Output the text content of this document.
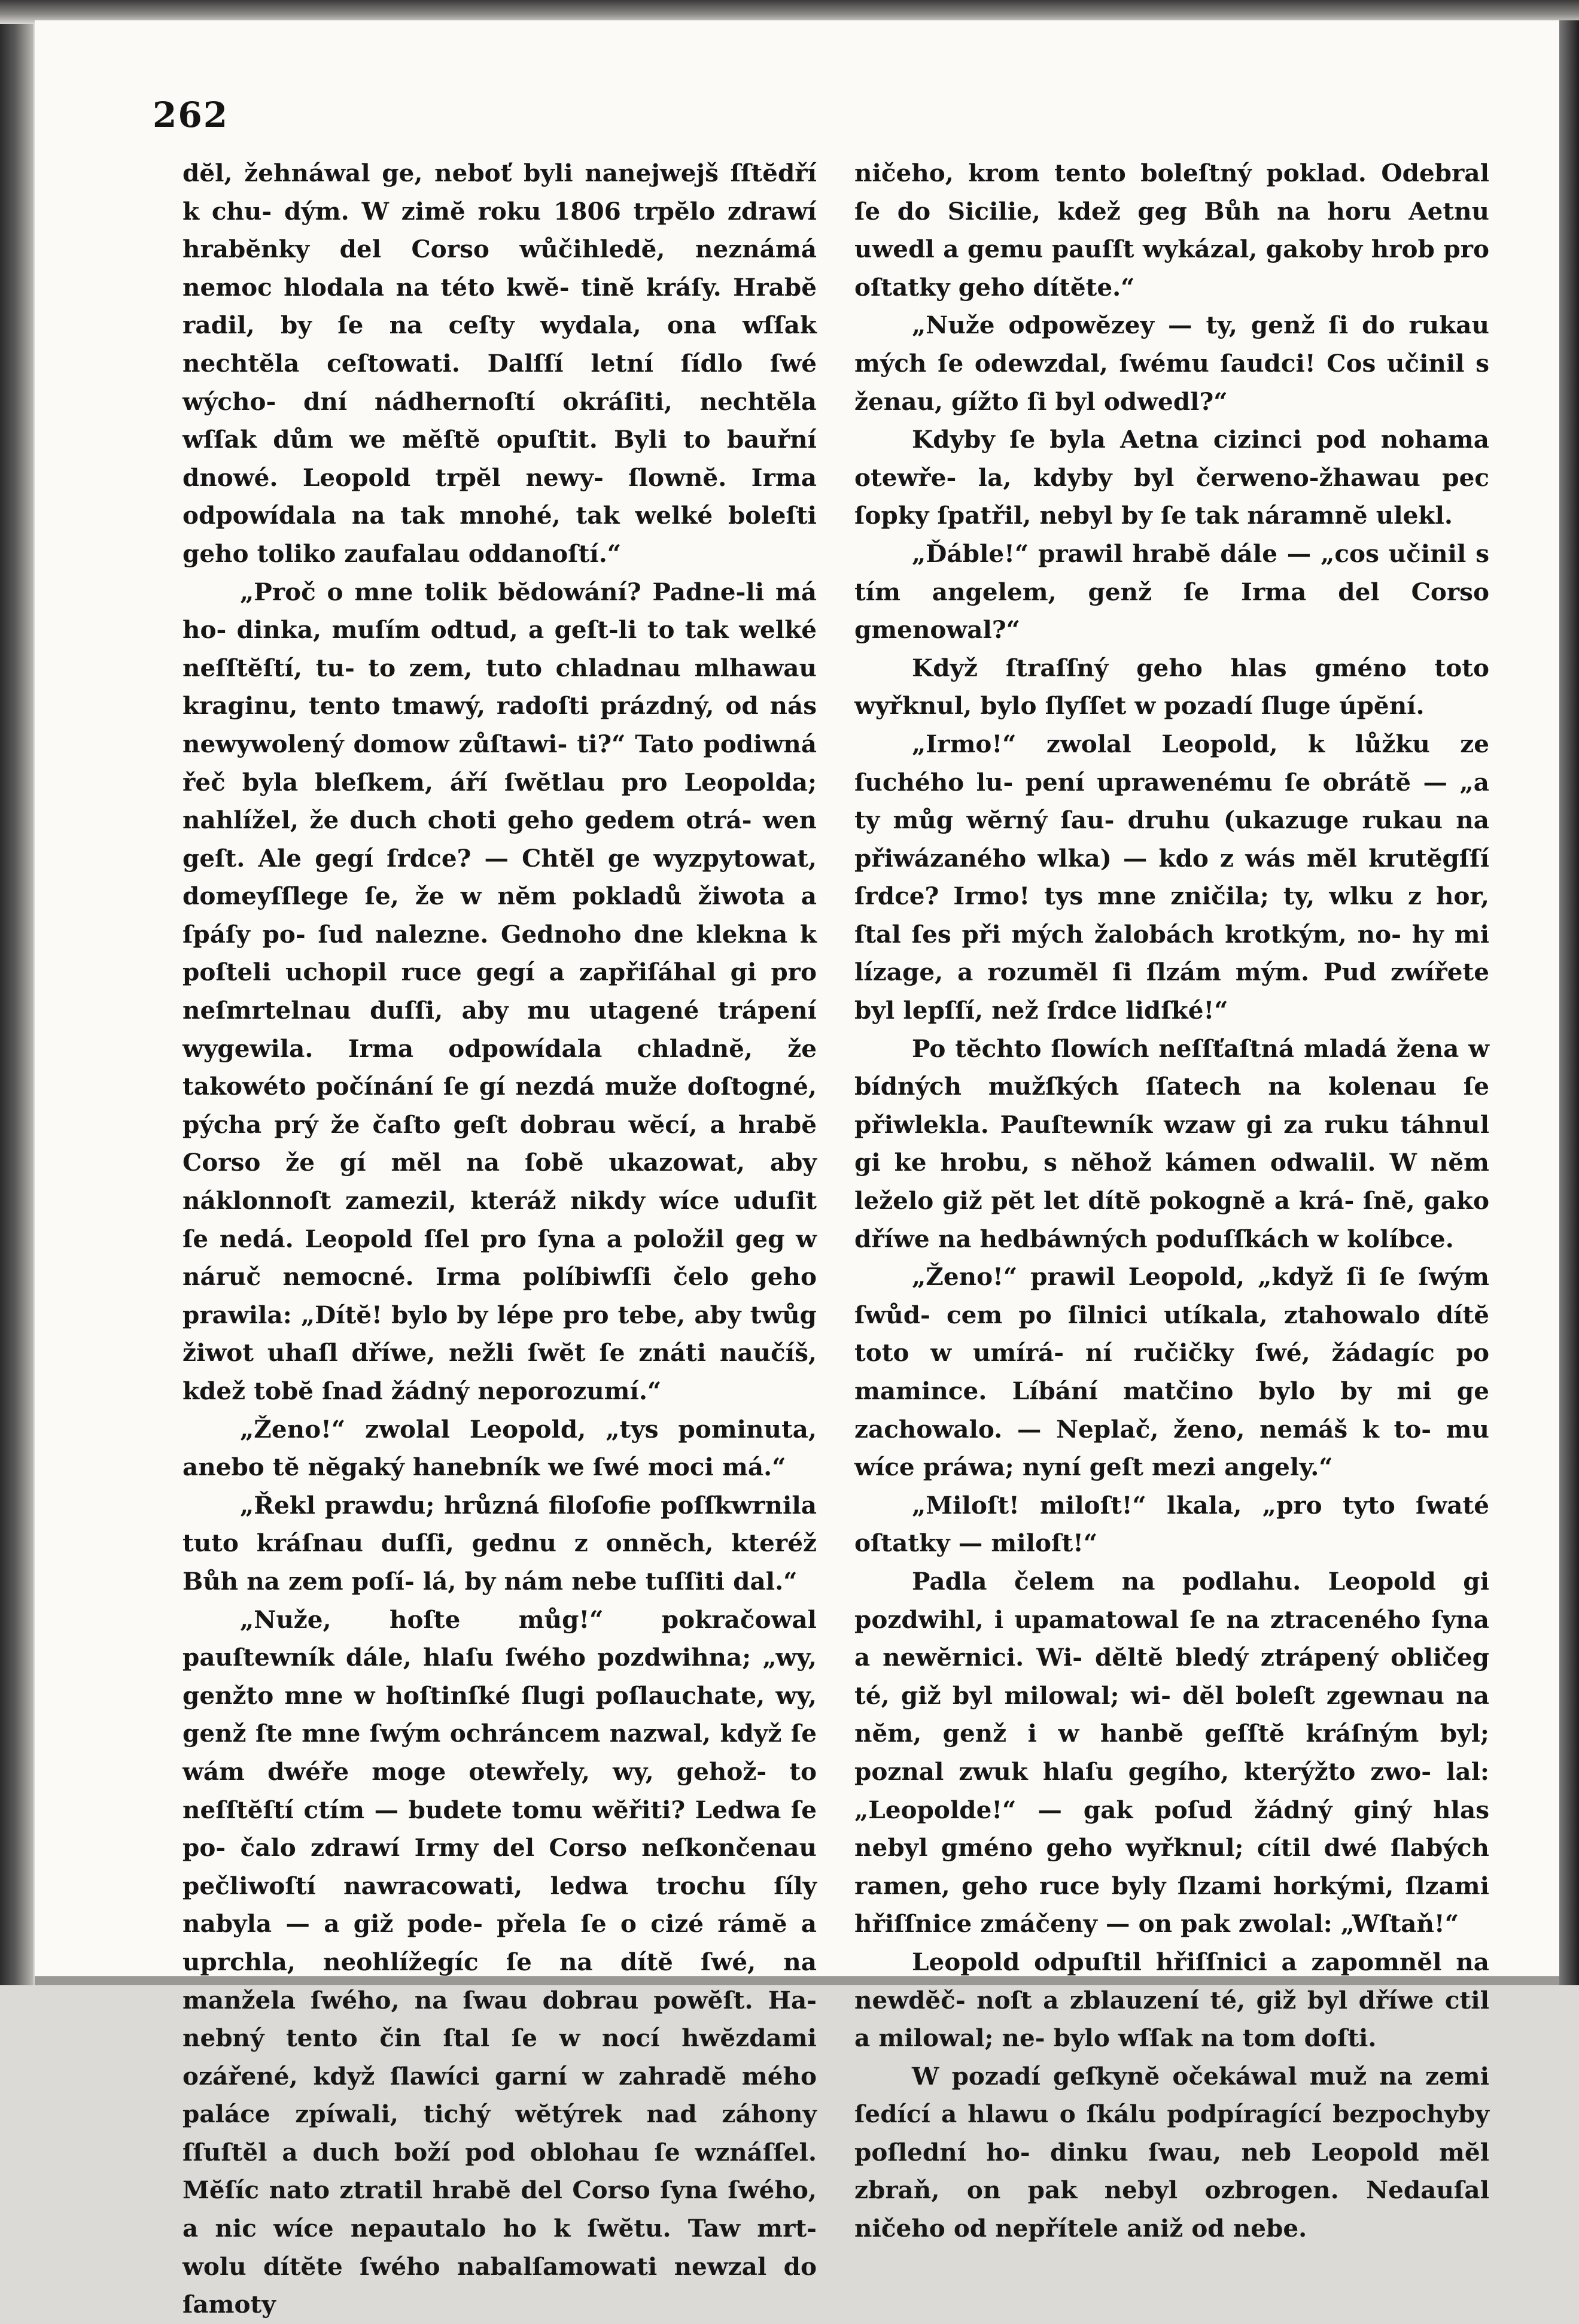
262

dĕl, žehnáwal ge, neboť byli nanejwejš ſſtĕdří k chu- dým. W zimĕ roku 1806 trpĕlo zdrawí hrabĕnky del Corso wůčihledĕ, neznámá nemoc hlodala na této kwĕ- tinĕ kráſy. Hrabĕ radil, by ſe na ceſty wydala, ona wſſak nechtĕla ceſtowati. Dalſſí letní ſídlo ſwé wýcho- dní nádhernoſtí okráſiti, nechtĕla wſſak dům we mĕſtĕ opuſtit. Byli to bauřní dnowé. Leopold trpĕl newy- ſlownĕ. Irma odpowídala na tak mnohé, tak welké boleſti geho toliko zaufalau oddanoſtí.“

„Proč o mne tolik bĕdowání? Padne-li má ho- dinka, muſím odtud, a geſt-li to tak welké neſſtĕſtí, tu- to zem, tuto chladnau mlhawau kraginu, tento tmawý, radoſti prázdný, od nás newywolený domow zůſtawi- ti?“ Tato podiwná řeč byla bleſkem, áří ſwĕtlau pro Leopolda; nahlížel, že duch choti geho gedem otrá- wen geſt. Ale gegí ſrdce? — Chtĕl ge wyzpytowat, domeyſſlege ſe, že w nĕm pokladů žiwota a ſpáſy po- ſud nalezne. Gednoho dne klekna k poſteli uchopil ruce gegí a zapřiſáhal gi pro neſmrtelnau duſſi, aby mu utagené trápení wygewila. Irma odpowídala chladnĕ, že takowéto počínání ſe gí nezdá muže doſtogné, pýcha prý že čaſto geſt dobrau wĕcí, a hrabĕ Corso že gí mĕl na ſobĕ ukazowat, aby náklonnoſt zamezil, kteráž nikdy wíce uduſit ſe nedá. Leopold ſſel pro ſyna a položil geg w náruč nemocné. Irma políbiwſſi čelo geho prawila: „Dítĕ! bylo by lépe pro tebe, aby twůg žiwot uhaſl dříwe, nežli ſwĕt ſe znáti naučíš, kdež tobĕ ſnad žádný neporozumí.“

„Ženo!“ zwolal Leopold, „tys pominuta, anebo tĕ nĕgaký hanebník we ſwé moci má.“

„Řekl prawdu; hrůzná filoſofie poſſkwrnila tuto kráſnau duſſi, gednu z onnĕch, kteréž Bůh na zem poſí- lá, by nám nebe tuſſiti dal.“

„Nuže, hoſte můg!“ pokračowal pauſtewník dále, hlaſu ſwého pozdwihna; „wy, genžto mne w hoſtinſké ſlugi poſlauchate, wy, genž ſte mne ſwým ochráncem nazwal, když ſe wám dwéře moge otewřely, wy, gehož- to neſſtĕſtí ctím — budete tomu wĕřiti? Ledwa ſe po- čalo zdrawí Irmy del Corso neſkončenau pečliwoſtí nawracowati, ledwa trochu ſíly nabyla — a giž pode- přela ſe o cizé rámĕ a uprchla, neohlížegíc ſe na dítĕ ſwé, na manžela ſwého, na ſwau dobrau powĕſt. Ha- nebný tento čin ſtal ſe w nocí hwĕzdami ozářené, když ſlawíci garní w zahradĕ mého paláce zpíwali, tichý wĕtýrek nad záhony ſſuſtĕl a duch boží pod oblohau ſe wznáſſel. Mĕſíc nato ztratil hrabĕ del Corso ſyna ſwého, a nic wíce nepautalo ho k ſwĕtu. Taw mrt- wolu dítĕte ſwého nabalſamowati newzal do ſamoty

ničeho, krom tento boleſtný poklad. Odebral ſe do Sicilie, kdež geg Bůh na horu Aetnu uwedl a gemu pauſſt wykázal, gakoby hrob pro oſtatky geho dítĕte.“

„Nuže odpowĕzey — ty, genž ſi do rukau mých ſe odewzdal, ſwému ſaudci! Cos učinil s ženau, gížto ſi byl odwedl?“

Kdyby ſe byla Aetna cizinci pod nohama otewře- la, kdyby byl čerweno-žhawau pec ſopky ſpatřil, nebyl by ſe tak náramnĕ ulekl.

„Ďáble!“ prawil hrabĕ dále — „cos učinil s tím angelem, genž ſe Irma del Corso gmenowal?“

Když ſtraſſný geho hlas gméno toto wyřknul, bylo ſlyſſet w pozadí ſluge úpĕní.

„Irmo!“ zwolal Leopold, k lůžku ze ſuchého lu- pení uprawenému ſe obrátĕ — „a ty můg wĕrný ſau- druhu (ukazuge rukau na přiwázaného wlka) — kdo z wás mĕl krutĕgſſí ſrdce? Irmo! tys mne zničila; ty, wlku z hor, ſtal ſes při mých žalobách krotkým, no- hy mi lízage, a rozumĕl ſi ſlzám mým. Pud zwířete byl lepſſí, než ſrdce lidſké!“

Po tĕchto ſlowích neſſťaſtná mladá žena w bídných mužſkých ſſatech na kolenau ſe přiwlekla. Pauſtewník wzaw gi za ruku táhnul gi ke hrobu, s nĕhož kámen odwalil. W nĕm leželo giž pĕt let dítĕ pokognĕ a krá- ſnĕ, gako dříwe na hedbáwných poduſſkách w kolíbce.

„Ženo!“ prawil Leopold, „když ſi ſe ſwým ſwůd- cem po ſilnici utíkala, ztahowalo dítĕ toto w umírá- ní ručičky ſwé, žádagíc po mamince. Líbání matčino bylo by mi ge zachowalo. — Neplač, ženo, nemáš k to- mu wíce práwa; nyní geſt mezi angely.“

„Miloſt! miloſt!“ lkala, „pro tyto ſwaté oſtatky — miloſt!“

Padla čelem na podlahu. Leopold gi pozdwihl, i upamatowal ſe na ztraceného ſyna a newĕrnici. Wi- dĕltĕ bledý ztrápený obličeg té, giž byl milowal; wi- dĕl boleſt zgewnau na nĕm, genž i w hanbĕ geſſtĕ kráſným byl; poznal zwuk hlaſu gegího, kterýžto zwo- lal: „Leopolde!“ — gak poſud žádný giný hlas nebyl gméno geho wyřknul; cítil dwé ſlabých ramen, geho ruce byly ſlzami horkými, ſlzami hřiſſnice zmáčeny — on pak zwolal: „Wſtaň!“

Leopold odpuſtil hřiſſnici a zapomnĕl na newdĕč- noſt a zblauzení té, giž byl dříwe ctil a milowal; ne- bylo wſſak na tom doſti.

W pozadí geſkynĕ očekáwal muž na zemi ſedící a hlawu o ſkálu podpíragící bezpochyby poſlední ho- dinku ſwau, neb Leopold mĕl zbraň, on pak nebyl ozbrogen. Nedauſal ničeho od nepřítele aniž od nebe.
